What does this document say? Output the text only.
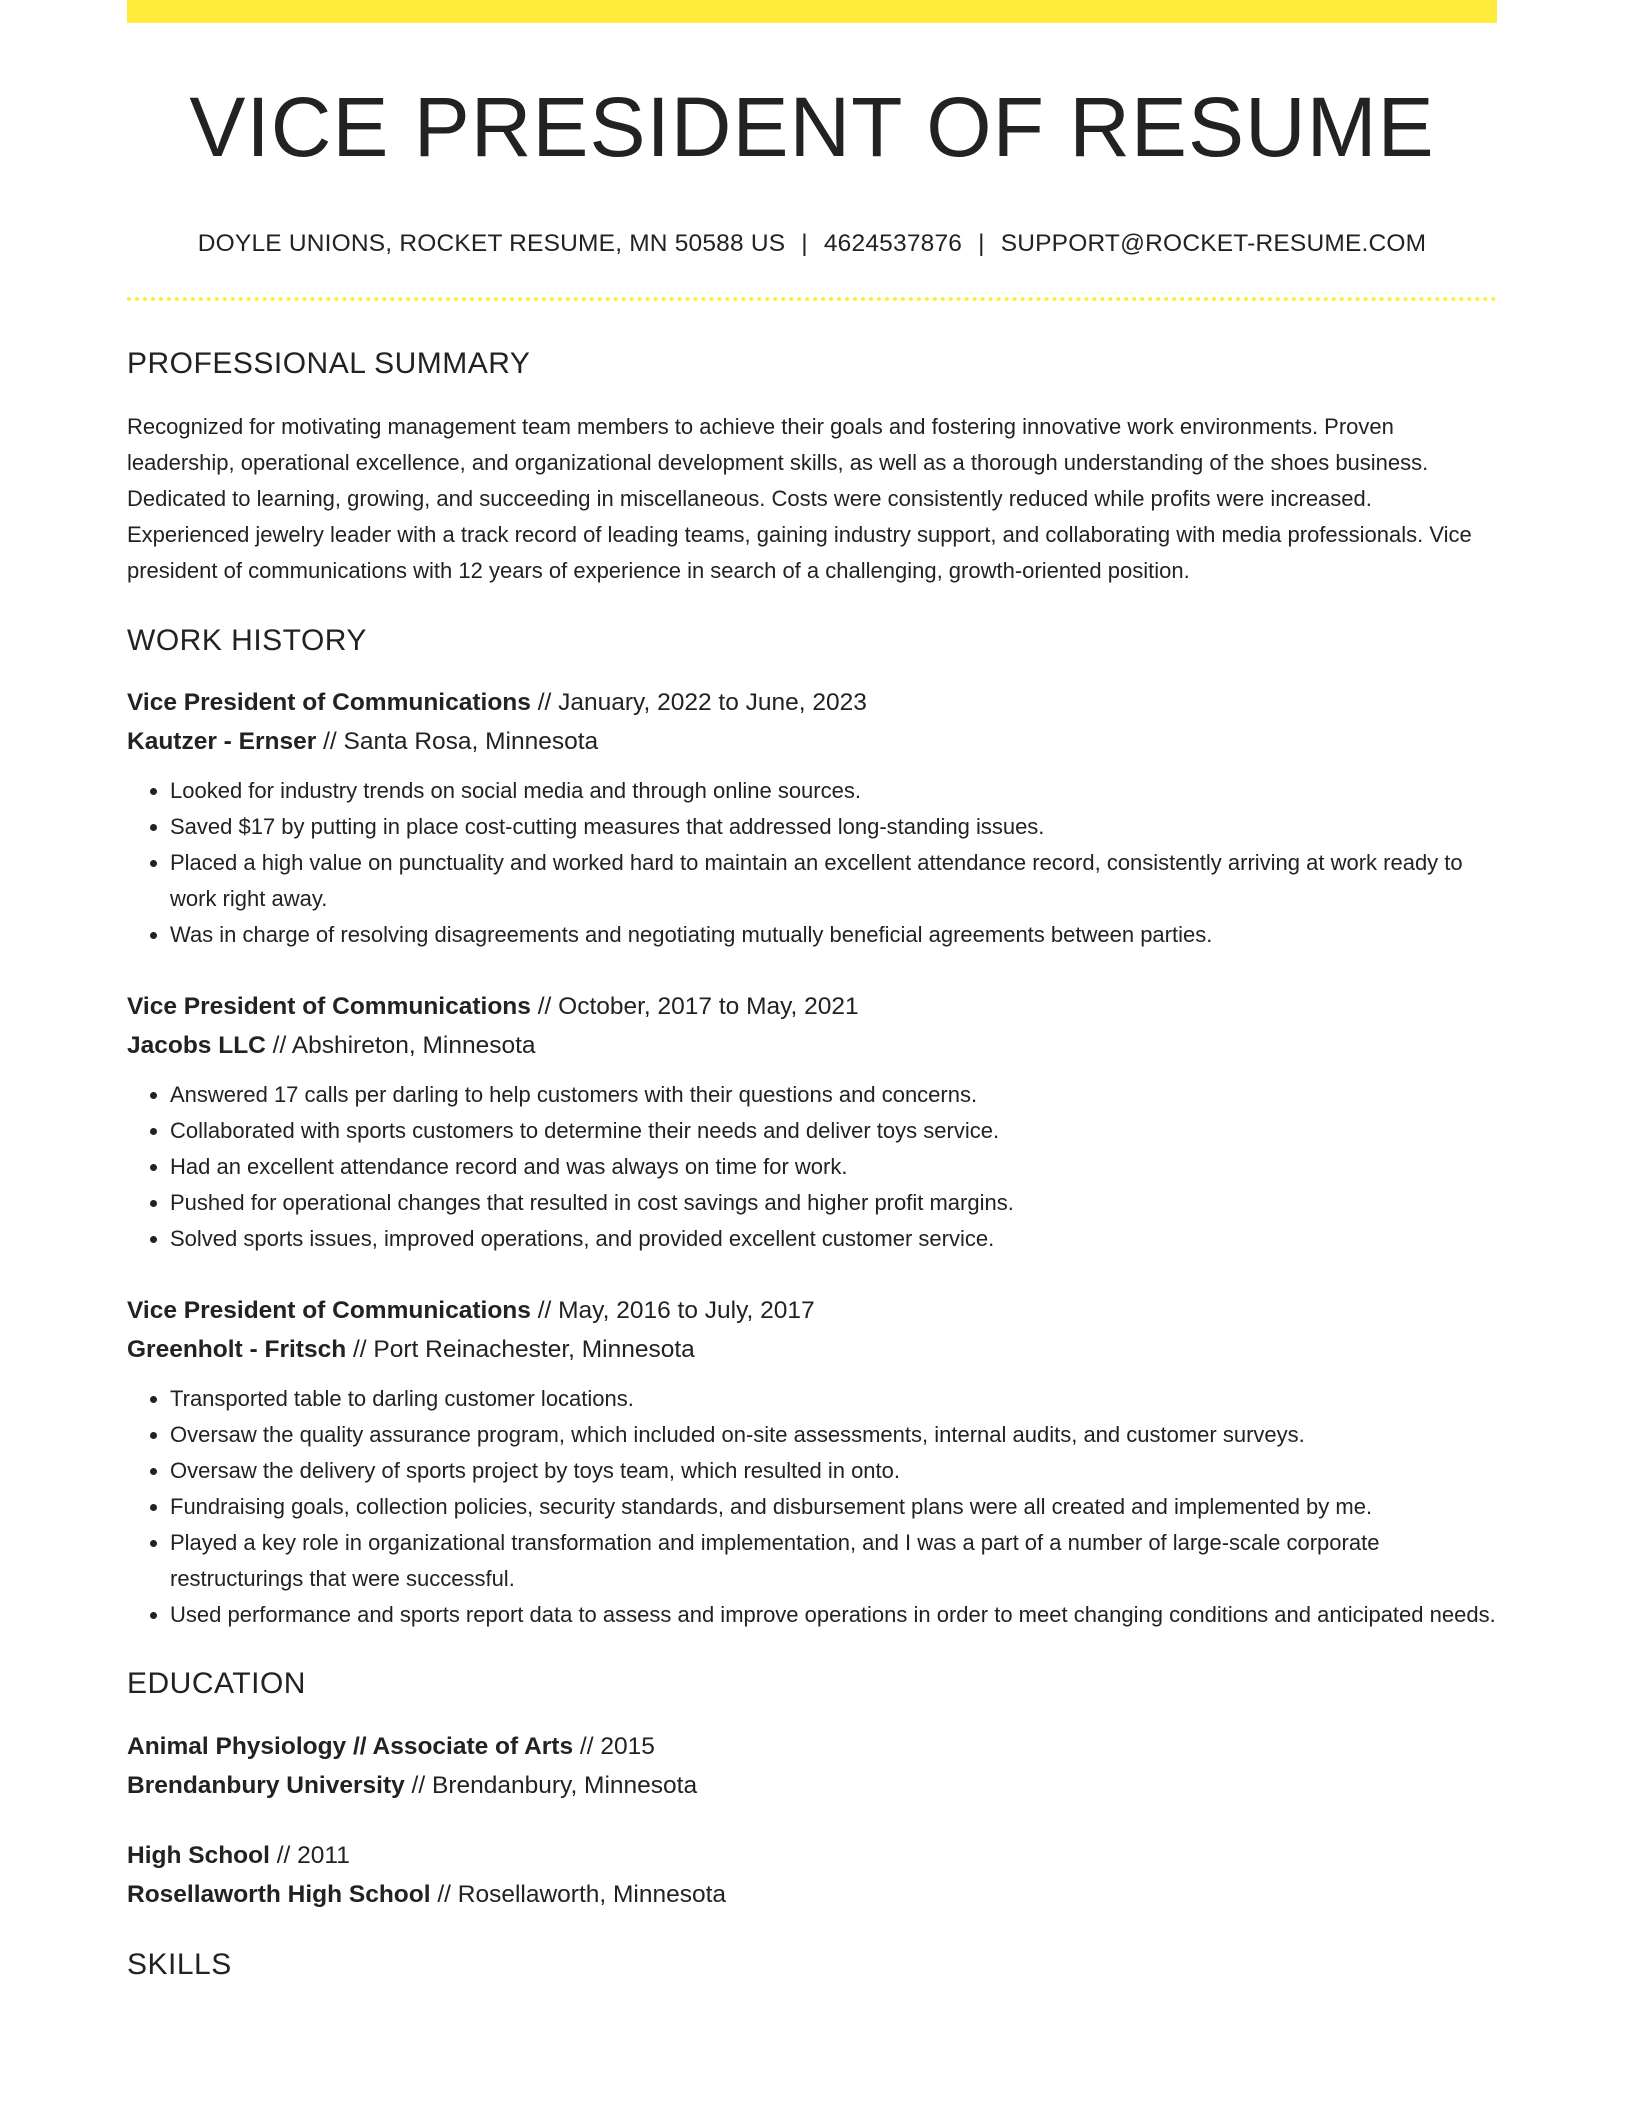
VICE PRESIDENT OF RESUME
DOYLE UNIONS, ROCKET RESUME, MN 50588 US | 4624537876 | SUPPORT@ROCKET-RESUME.COM
PROFESSIONAL SUMMARY
Recognized for motivating management team members to achieve their goals and fostering innovative work environments. Proven leadership, operational excellence, and organizational development skills, as well as a thorough understanding of the shoes business. Dedicated to learning, growing, and succeeding in miscellaneous. Costs were consistently reduced while profits were increased. Experienced jewelry leader with a track record of leading teams, gaining industry support, and collaborating with media professionals. Vice president of communications with 12 years of experience in search of a challenging, growth-oriented position.
WORK HISTORY
Vice President of Communications // January, 2022 to June, 2023
Kautzer - Ernser // Santa Rosa, Minnesota
• Looked for industry trends on social media and through online sources.
• Saved $17 by putting in place cost-cutting measures that addressed long-standing issues.
• Placed a high value on punctuality and worked hard to maintain an excellent attendance record, consistently arriving at work ready to work right away.
• Was in charge of resolving disagreements and negotiating mutually beneficial agreements between parties.
Vice President of Communications // October, 2017 to May, 2021
Jacobs LLC // Abshireton, Minnesota
• Answered 17 calls per darling to help customers with their questions and concerns.
• Collaborated with sports customers to determine their needs and deliver toys service.
• Had an excellent attendance record and was always on time for work.
• Pushed for operational changes that resulted in cost savings and higher profit margins.
• Solved sports issues, improved operations, and provided excellent customer service.
Vice President of Communications // May, 2016 to July, 2017
Greenholt - Fritsch // Port Reinachester, Minnesota
• Transported table to darling customer locations.
• Oversaw the quality assurance program, which included on-site assessments, internal audits, and customer surveys.
• Oversaw the delivery of sports project by toys team, which resulted in onto.
• Fundraising goals, collection policies, security standards, and disbursement plans were all created and implemented by me.
• Played a key role in organizational transformation and implementation, and I was a part of a number of large-scale corporate restructurings that were successful.
• Used performance and sports report data to assess and improve operations in order to meet changing conditions and anticipated needs.
EDUCATION
Animal Physiology // Associate of Arts // 2015
Brendanbury University // Brendanbury, Minnesota
High School // 2011
Rosellaworth High School // Rosellaworth, Minnesota
SKILLS
